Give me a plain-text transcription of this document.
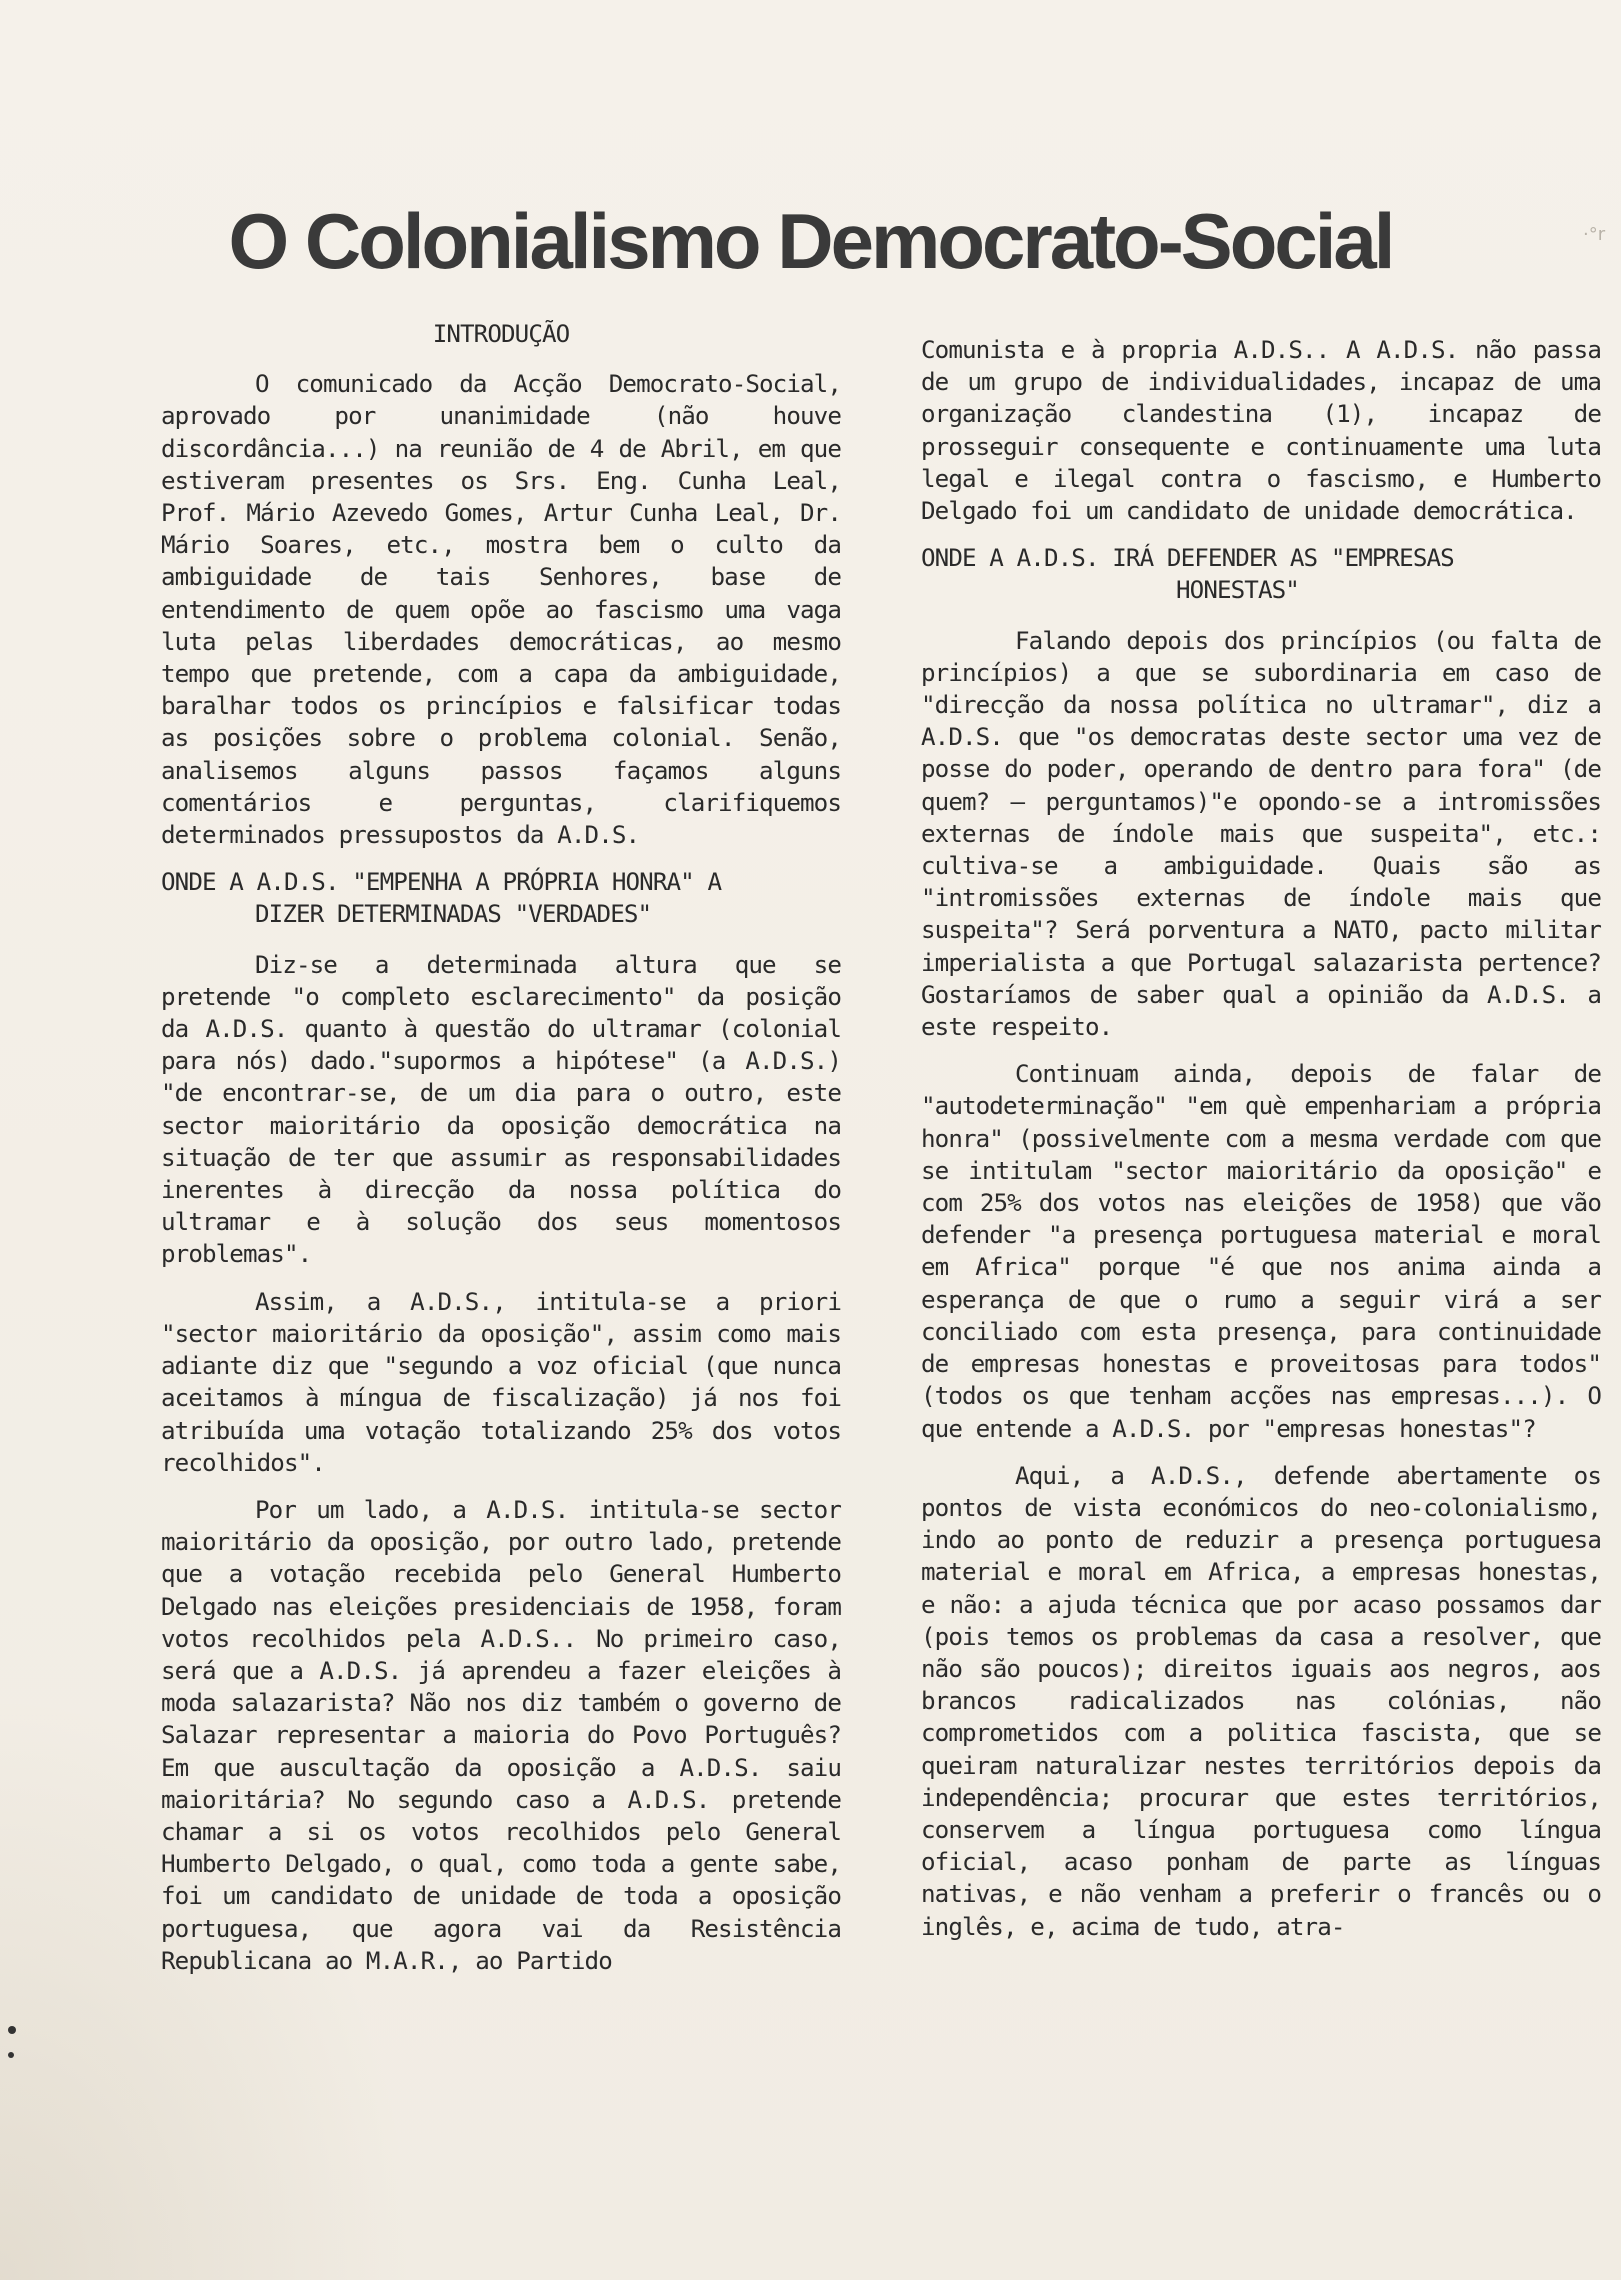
O Colonialismo Democrato-Social	·°r
INTRODUÇÃO

O comunicado da Acção Democrato-Social, aprovado por unanimidade (não houve discordância...) na reunião de 4 de Abril, em que estiveram presentes os Srs. Eng. Cunha Leal, Prof. Mário Azevedo Gomes, Artur Cunha Leal, Dr. Mário Soares, etc., mostra bem o culto da ambiguidade de tais Senhores, base de entendimento de quem opõe ao fascismo uma vaga luta pelas liberdades democráticas, ao mesmo tempo que pretende, com a capa da ambiguidade, baralhar todos os princípios e falsificar todas as posições sobre o problema colonial. Senão, analisemos alguns passos façamos alguns comentários e perguntas, clarifiquemos determinados pressupostos da A.D.S.

ONDE A A.D.S. "EMPENHA A PRÓPRIA HONRA" A
DIZER DETERMINADAS "VERDADES"

Diz-se a determinada altura que se pretende "o completo esclarecimento" da posição da A.D.S. quanto à questão do ultramar (colonial para nós) dado."supormos a hipótese" (a A.D.S.) "de encontrar-se, de um dia para o outro, este sector maioritário da oposição democrática na situação de ter que assumir as responsabilidades inerentes à direcção da nossa política do ultramar e à solução dos seus momentosos problemas".

Assim, a A.D.S., intitula-se a priori "sector maioritário da oposição", assim como mais adiante diz que "segundo a voz oficial (que nunca aceitamos à míngua de fiscalização) já nos foi atribuída uma votação totalizando 25% dos votos recolhidos".

Por um lado, a A.D.S. intitula-se sector maioritário da oposição, por outro lado, pretende que a votação recebida pelo General Humberto Delgado nas eleições presidenciais de 1958, foram votos recolhidos pela A.D.S.. No primeiro caso, será que a A.D.S. já aprendeu a fazer eleições à moda salazarista? Não nos diz também o governo de Salazar representar a maioria do Povo Português? Em que auscultação da oposição a A.D.S. saiu maioritária? No segundo caso a A.D.S. pretende chamar a si os votos recolhidos pelo General Humberto Delgado, o qual, como toda a gente sabe, foi um candidato de unidade de toda a oposição portuguesa, que agora vai da Resistência Republicana ao M.A.R., ao Partido

Comunista e à propria A.D.S.. A A.D.S. não passa de um grupo de individualidades, incapaz de uma organização clandestina (1), incapaz de prosseguir consequente e continuamente uma luta legal e ilegal contra o fascismo, e Humberto Delgado foi um candidato de unidade democrática.

ONDE A A.D.S. IRÁ DEFENDER AS "EMPRESAS
HONESTAS"

Falando depois dos princípios (ou falta de princípios) a que se subordinaria em caso de "direcção da nossa política no ultramar", diz a A.D.S. que "os democratas deste sector uma vez de posse do poder, operando de dentro para fora" (de quem? — perguntamos)"e opondo-se a intromissões externas de índole mais que suspeita", etc.: cultiva-se a ambiguidade. Quais são as "intromissões externas de índole mais que suspeita"? Será porventura a NATO, pacto militar imperialista a que Portugal salazarista pertence? Gostaríamos de saber qual a opinião da A.D.S. a este respeito.

Continuam ainda, depois de falar de "autodeterminação" "em què empenhariam a própria honra" (possivelmente com a mesma verdade com que se intitulam "sector maioritário da oposição" e com 25% dos votos nas eleições de 1958) que vão defender "a presença portuguesa material e moral em Africa" porque "é que nos anima ainda a esperança de que o rumo a seguir virá a ser conciliado com esta presença, para continuidade de empresas honestas e proveitosas para todos" (todos os que tenham acções nas empresas...). O que entende a A.D.S. por "empresas honestas"?

Aqui, a A.D.S., defende abertamente os pontos de vista económicos do neo-colonialismo, indo ao ponto de reduzir a presença portuguesa material e moral em Africa, a empresas honestas, e não: a ajuda técnica que por acaso possamos dar (pois temos os problemas da casa a resolver, que não são poucos); direitos iguais aos negros, aos brancos radicalizados nas colónias, não comprometidos com a politica fascista, que se queiram naturalizar nestes territórios depois da independência; procurar que estes territórios, conservem a língua portuguesa como língua oficial, acaso ponham de parte as línguas nativas, e não venham a preferir o francês ou o inglês, e, acima de tudo, atra-
